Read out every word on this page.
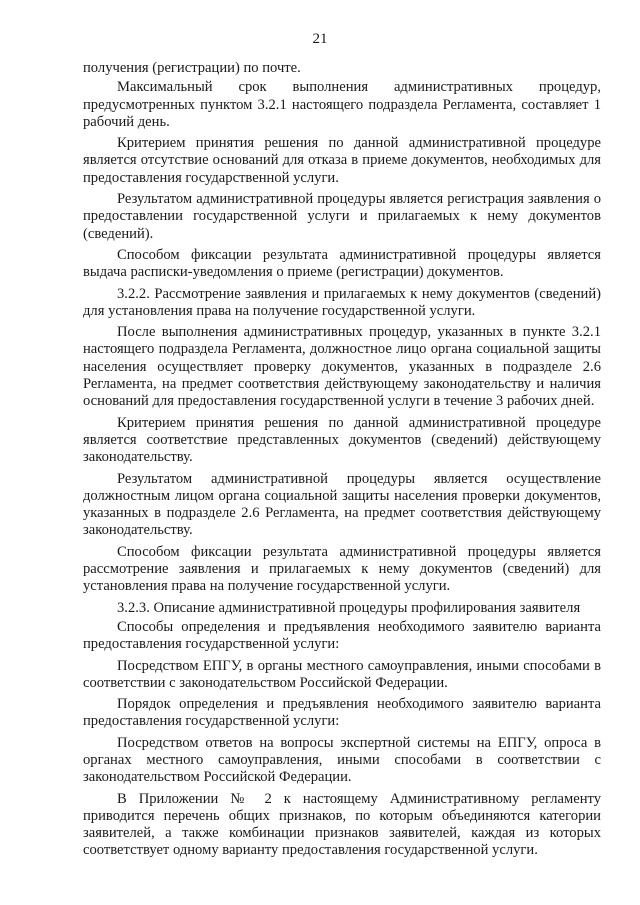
21

получения (регистрации) по почте.

Максимальный срок выполнения административных процедур, предусмотренных пунктом 3.2.1 настоящего подраздела Регламента, составляет 1 рабочий день.

Критерием принятия решения по данной административной процедуре является отсутствие оснований для отказа в приеме документов, необходимых для предоставления государственной услуги.

Результатом административной процедуры является регистрация заявления о предоставлении государственной услуги и прилагаемых к нему документов (сведений).

Способом фиксации результата административной процедуры является выдача расписки-уведомления о приеме (регистрации) документов.

3.2.2. Рассмотрение заявления и прилагаемых к нему документов (сведений) для установления права на получение государственной услуги.

После выполнения административных процедур, указанных в пункте 3.2.1 настоящего подраздела Регламента, должностное лицо органа социальной защиты населения осуществляет проверку документов, указанных в подразделе 2.6 Регламента, на предмет соответствия действующему законодательству и наличия оснований для предоставления государственной услуги в течение 3 рабочих дней.

Критерием принятия решения по данной административной процедуре является соответствие представленных документов (сведений) действующему законодательству.

Результатом административной процедуры является осуществление должностным лицом органа социальной защиты населения проверки документов, указанных в подразделе 2.6 Регламента, на предмет соответствия действующему законодательству.

Способом фиксации результата административной процедуры является рассмотрение заявления и прилагаемых к нему документов (сведений) для установления права на получение государственной услуги.

3.2.3. Описание административной процедуры профилирования заявителя

Способы определения и предъявления необходимого заявителю варианта предоставления государственной услуги:

Посредством ЕПГУ, в органы местного самоуправления, иными способами в соответствии с законодательством Российской Федерации.

Порядок определения и предъявления необходимого заявителю варианта предоставления государственной услуги:

Посредством ответов на вопросы экспертной системы на ЕПГУ, опроса в органах местного самоуправления, иными способами в соответствии с законодательством Российской Федерации.

В Приложении № 2 к настоящему Административному регламенту приводится перечень общих признаков, по которым объединяются категории заявителей, а также комбинации признаков заявителей, каждая из которых соответствует одному варианту предоставления государственной услуги.
